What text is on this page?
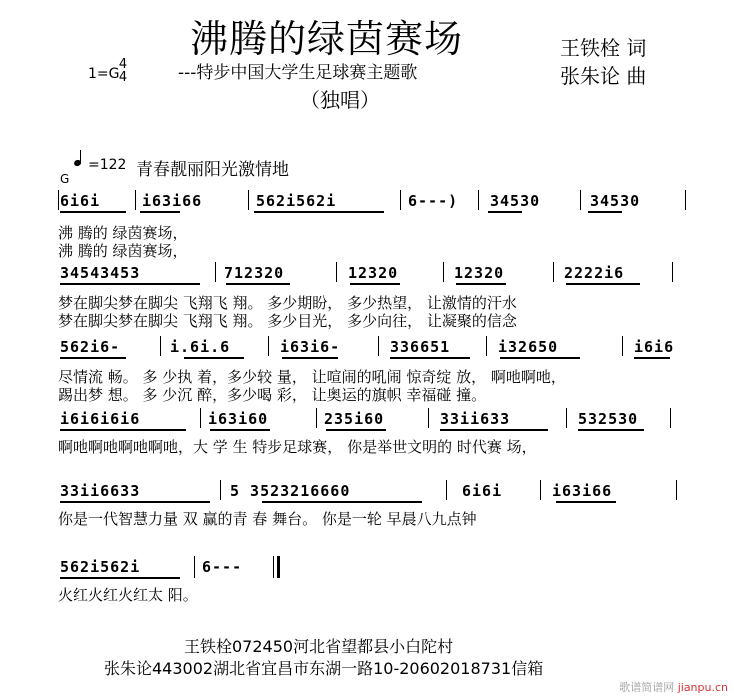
沸腾的绿茵赛场
---特步中国大学生足球赛主题歌
（独唱）
王铁栓 词
张朱论 曲
1=G
4
4
=122 青春靓丽阳光激情地
G
6i6i	i63i66	562i562i	6---) 34530	34530
沸 腾的 绿茵赛场，
沸 腾的 绿茵赛场，
34543453	712320	12320	12320	2222i6
梦在脚尖梦在脚尖 飞翔飞 翔。 多少期盼， 多少热望， 让激情的汗水
梦在脚尖梦在脚尖 飞翔飞 翔。 多少目光， 多少向往， 让凝聚的信念
562i6-	i.6i.6	i63i6-	336651	i32650	i6i6
尽情流 畅。 多 少执 着，多少较 量， 让喧闹的吼闹 惊奇绽 放， 啊吔啊吔，
踢出梦 想。 多 少沉 醉，多少喝 彩， 让奥运的旗帜 幸福碰 撞。
i6i6i6i6	i63i60	235i60	33ii633	532530
啊吔啊吔啊吔啊吔，大 学 生 特步足球赛， 你是举世文明的 时代赛 场，
33ii6633	5 3523216660	6i6i	i63i66
你是一代智慧力量 双 赢的青 春 舞台。 你是一轮 早晨八九点钟
562i562i	6---
火红火红火红太 阳。
王铁栓072450河北省望都县小白陀村
张朱论443002湖北省宜昌市东湖一路10-20602018731信箱
歌谱简谱网 jianpu.cn
